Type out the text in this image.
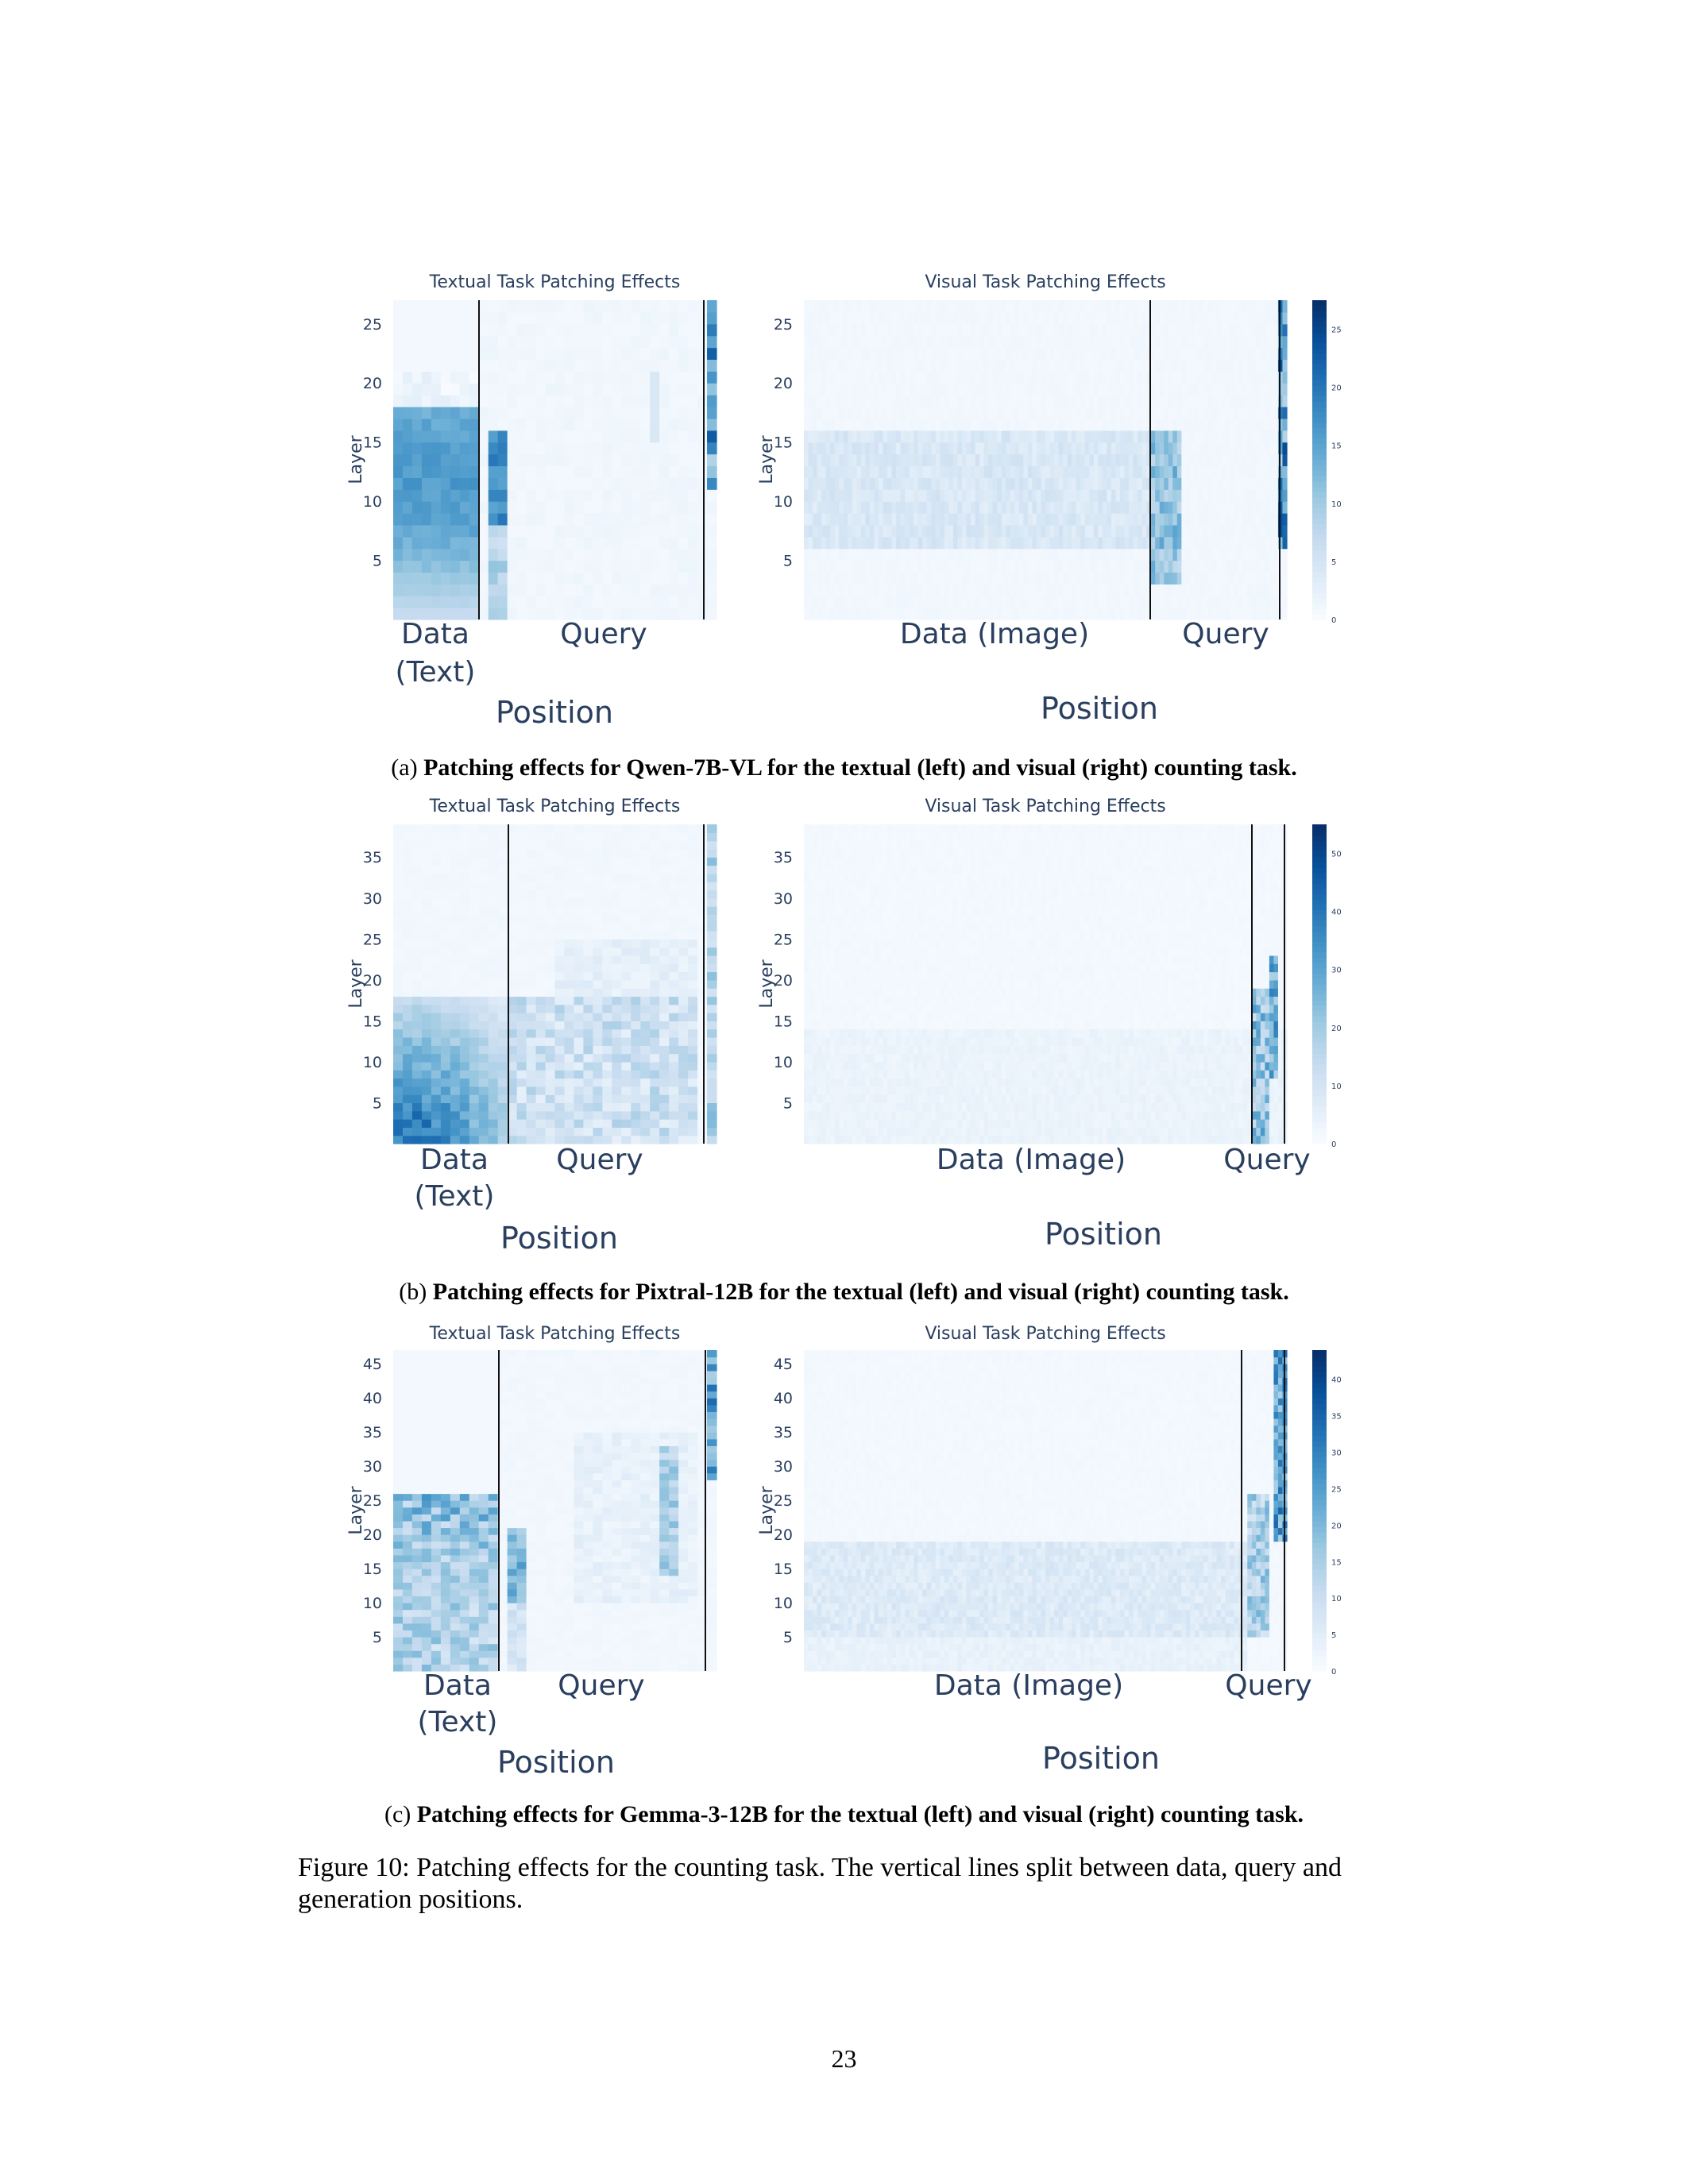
Textual Task Patching Effects
5
10
15
20
25
Layer
Data
(Text)
Query
Position
Visual Task Patching Effects
5
10
15
20
25
Layer
Data (Image)	Query
Position
0
5
10
15
20
25
(a) Patching effects for Qwen-7B-VL for the textual (left) and visual (right) counting task.
Textual Task Patching Effects
5
10
15
20
25
30
35
Layer
Data
(Text)
Query
Position
Visual Task Patching Effects
5
10
15
20
25
30
35
Layer
Data (Image)	Query
Position
0
10
20
30
40
50
(b) Patching effects for Pixtral-12B for the textual (left) and visual (right) counting task.
Textual Task Patching Effects
5
10
15
20
25
30
35
40
45
Layer
Data
(Text)
Query
Position
Visual Task Patching Effects
5
10
15
20
25
30
35
40
45
Layer
Data (Image)	Query
Position
0
5
10
15
20
25
30
35
40
(c) Patching effects for Gemma-3-12B for the textual (left) and visual (right) counting task.
Figure 10: Patching effects for the counting task. The vertical lines split between data, query and generation positions.
23
